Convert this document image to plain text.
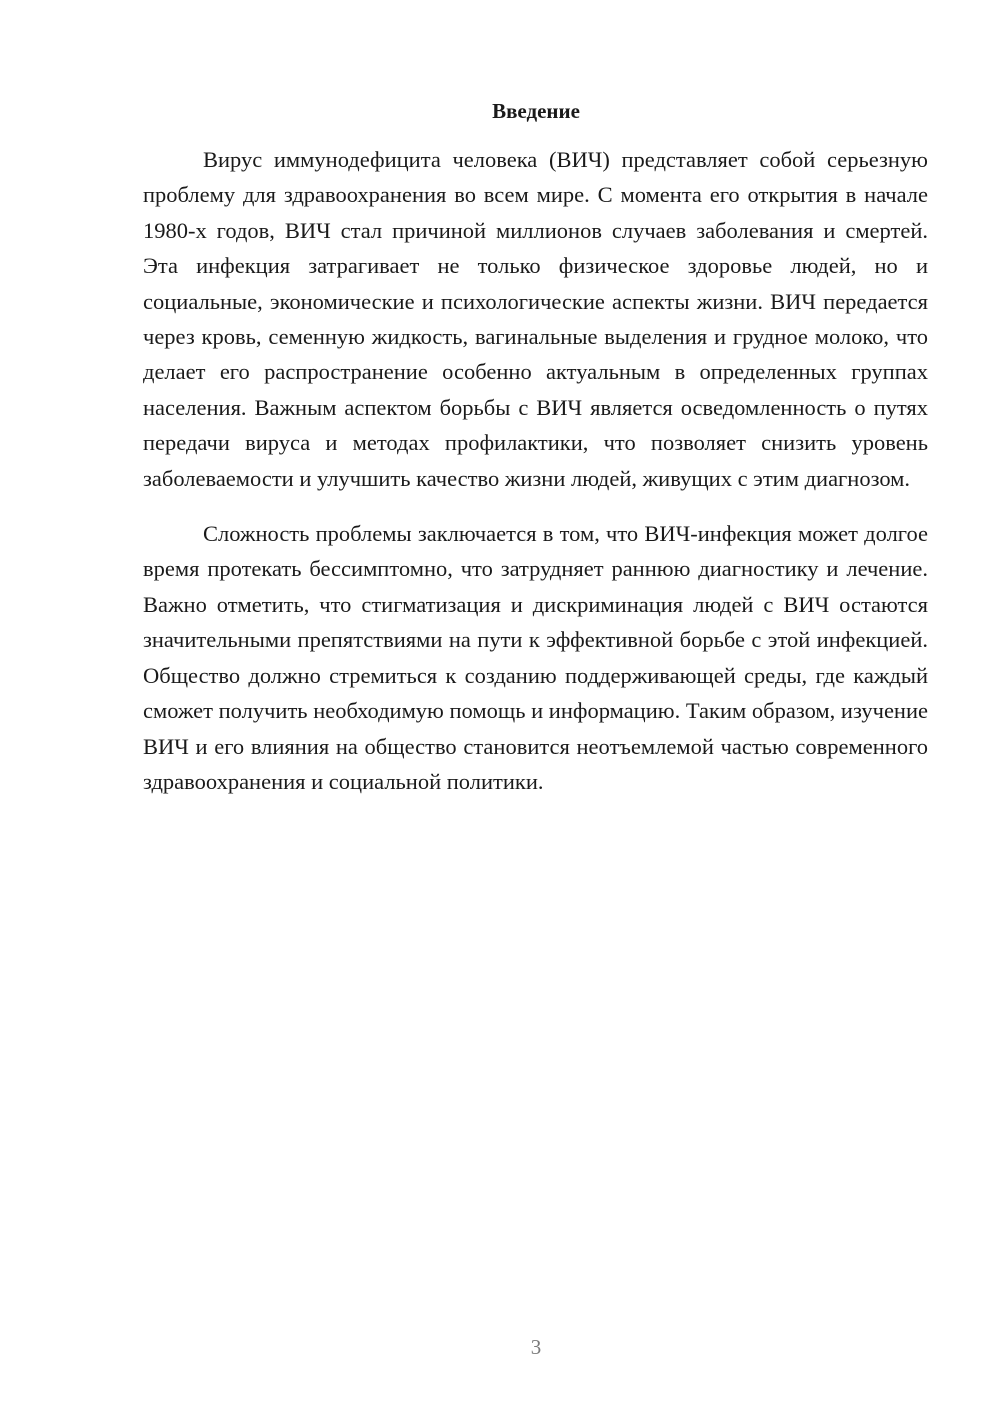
Введение

Вирус иммунодефицита человека (ВИЧ) представляет собой серьезную проблему для здравоохранения во всем мире. С момента его открытия в начале 1980-х годов, ВИЧ стал причиной миллионов случаев заболевания и смертей. Эта инфекция затрагивает не только физическое здоровье людей, но и социальные, экономические и психологические аспекты жизни. ВИЧ передается через кровь, семенную жидкость, вагинальные выделения и грудное молоко, что делает его распространение особенно актуальным в определенных группах населения. Важным аспектом борьбы с ВИЧ является осведомленность о путях передачи вируса и методах профилактики, что позволяет снизить уровень заболеваемости и улучшить качество жизни людей, живущих с этим диагнозом.

Сложность проблемы заключается в том, что ВИЧ-инфекция может долгое время протекать бессимптомно, что затрудняет раннюю диагностику и лечение. Важно отметить, что стигматизация и дискриминация людей с ВИЧ остаются значительными препятствиями на пути к эффективной борьбе с этой инфекцией. Общество должно стремиться к созданию поддерживающей среды, где каждый сможет получить необходимую помощь и информацию. Таким образом, изучение ВИЧ и его влияния на общество становится неотъемлемой частью современного здравоохранения и социальной политики.

3
